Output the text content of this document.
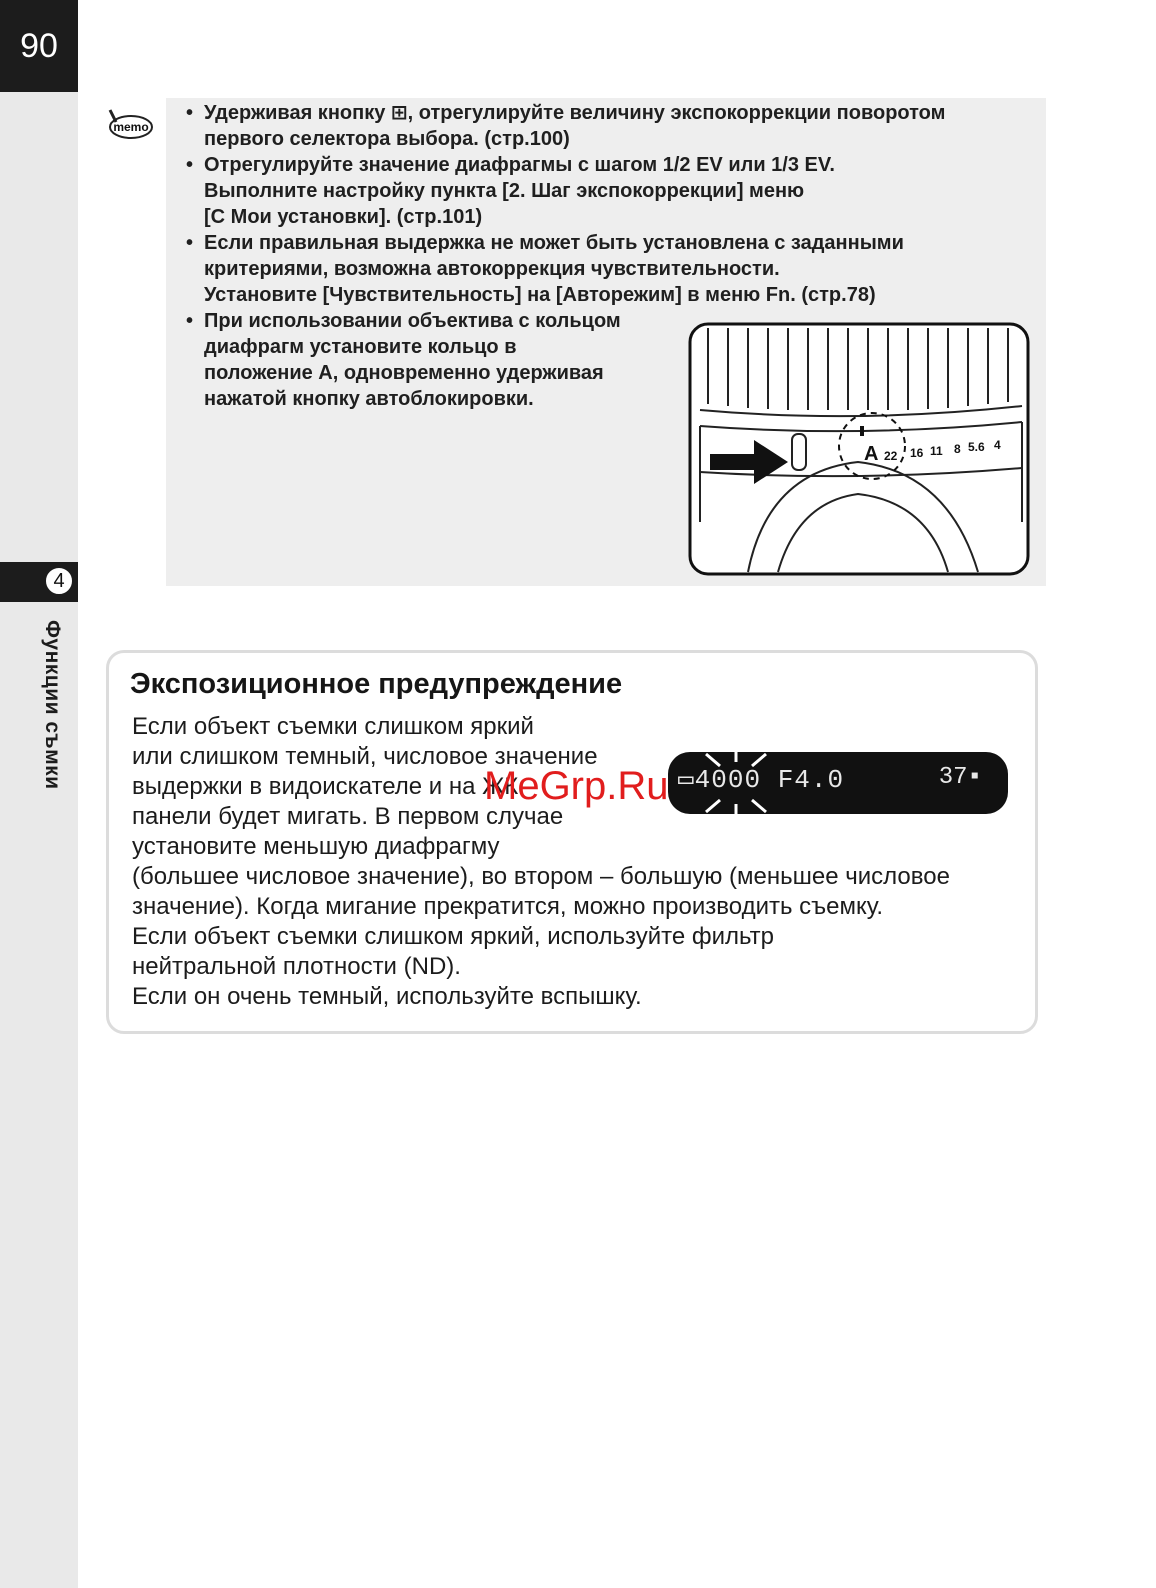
90
4
Функции съмки
memo
• Удерживая кнопку ⊞, отрегулируйте величину экспокоррекции поворотом
первого селектора выбора. (стр.100)
• Отрегулируйте значение диафрагмы с шагом 1/2 EV или 1/3 EV.
Выполните настройку пункта [2. Шаг экспокоррекции] меню
[C Мои установки]. (стр.101)
• Если правильная выдержка не может быть установлена с заданными
критериями, возможна автокоррекция чувствительности.
Установите [Чувствительность] на [Авторежим] в меню Fn. (стр.78)
• При использовании объектива с кольцом
диафрагм установите кольцо в
положение A, одновременно удерживая
нажатой кнопку автоблокировки.
A 22 16 11 8 5.6 4
Экспозиционное предупреждение
Если объект съемки слишком яркий
или слишком темный, числовое значение
выдержки в видоискателе и на ЖК
панели будет мигать. В первом случае
установите меньшую диафрагму
(большее числовое значение), во втором – большую (меньшее числовое
значение). Когда мигание прекратится, можно производить съемку.
Если объект съемки слишком яркий, используйте фильтр
нейтральной плотности (ND).
Если он очень темный, используйте вспышку.
▭4000 F4.0	37▪
MeGrp.Ru
